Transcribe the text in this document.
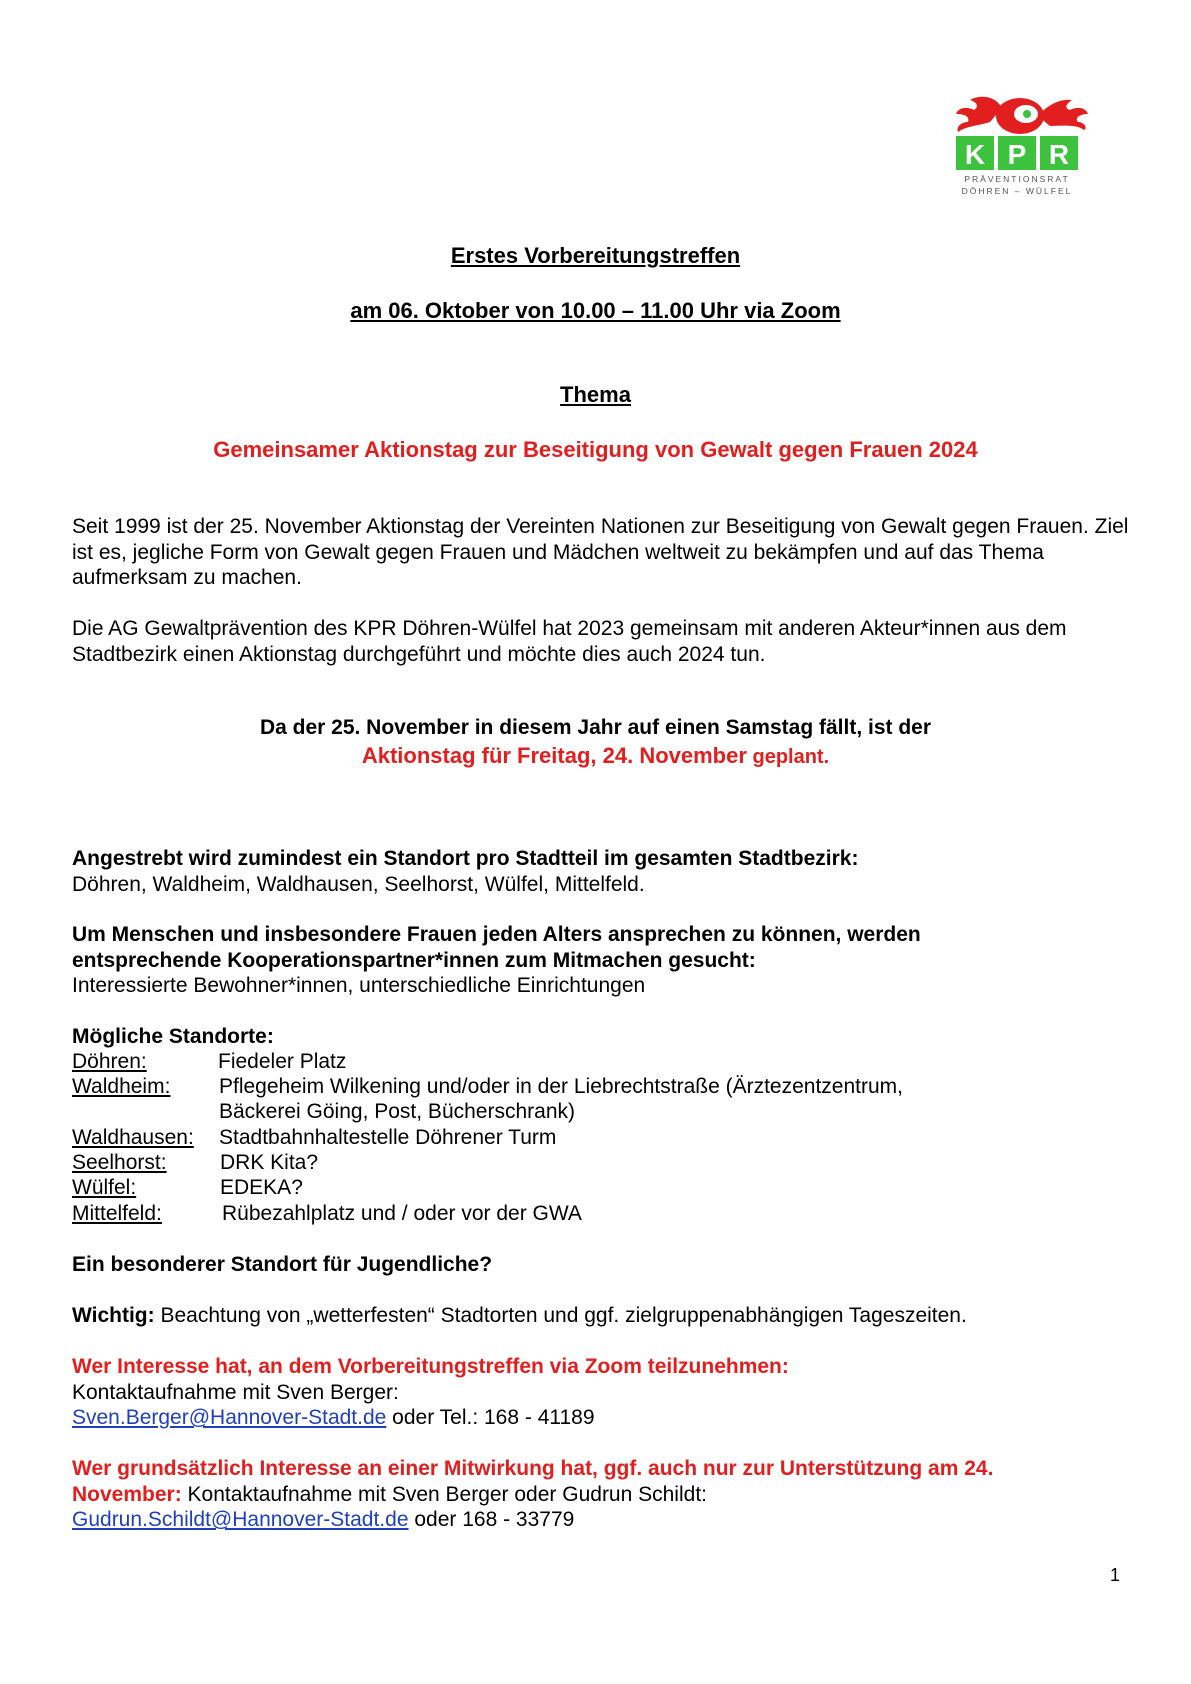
K P R
PRÄVENTIONSRAT
DÖHREN – WÜLFEL
Erstes Vorbereitungstreffen
am 06. Oktober von 10.00 – 11.00 Uhr via Zoom
Thema
Gemeinsamer Aktionstag zur Beseitigung von Gewalt gegen Frauen 2024
Seit 1999 ist der 25. November Aktionstag der Vereinten Nationen zur Beseitigung von Gewalt gegen Frauen. Ziel ist es, jegliche Form von Gewalt gegen Frauen und Mädchen weltweit zu bekämpfen und auf das Thema aufmerksam zu machen.
Die AG Gewaltprävention des KPR Döhren-Wülfel hat 2023 gemeinsam mit anderen Akteur*innen aus dem Stadtbezirk einen Aktionstag durchgeführt und möchte dies auch 2024 tun.
Da der 25. November in diesem Jahr auf einen Samstag fällt, ist der
Aktionstag für Freitag, 24. November geplant.
Angestrebt wird zumindest ein Standort pro Stadtteil im gesamten Stadtbezirk:
Döhren, Waldheim, Waldhausen, Seelhorst, Wülfel, Mittelfeld.
Um Menschen und insbesondere Frauen jeden Alters ansprechen zu können, werden entsprechende Kooperationspartner*innen zum Mitmachen gesucht:
Interessierte Bewohner*innen, unterschiedliche Einrichtungen
Mögliche Standorte:
Döhren:	Fiedeler Platz
Waldheim: Pflegeheim Wilkening und/oder in der Liebrechtstraße (Ärztezentzentrum,
Bäckerei Göing, Post, Bücherschrank)
Waldhausen: Stadtbahnhaltestelle Döhrener Turm
Seelhorst:	DRK Kita?
Wülfel:	EDEKA?
Mittelfeld:	Rübezahlplatz und / oder vor der GWA
Ein besonderer Standort für Jugendliche?
Wichtig: Beachtung von „wetterfesten“ Stadtorten und ggf. zielgruppenabhängigen Tageszeiten.
Wer Interesse hat, an dem Vorbereitungstreffen via Zoom teilzunehmen:
Kontaktaufnahme mit Sven Berger:
Sven.Berger@Hannover-Stadt.de oder Tel.: 168 - 41189
Wer grundsätzlich Interesse an einer Mitwirkung hat, ggf. auch nur zur Unterstützung am 24. November: Kontaktaufnahme mit Sven Berger oder Gudrun Schildt:
Gudrun.Schildt@Hannover-Stadt.de oder 168 - 33779
1
